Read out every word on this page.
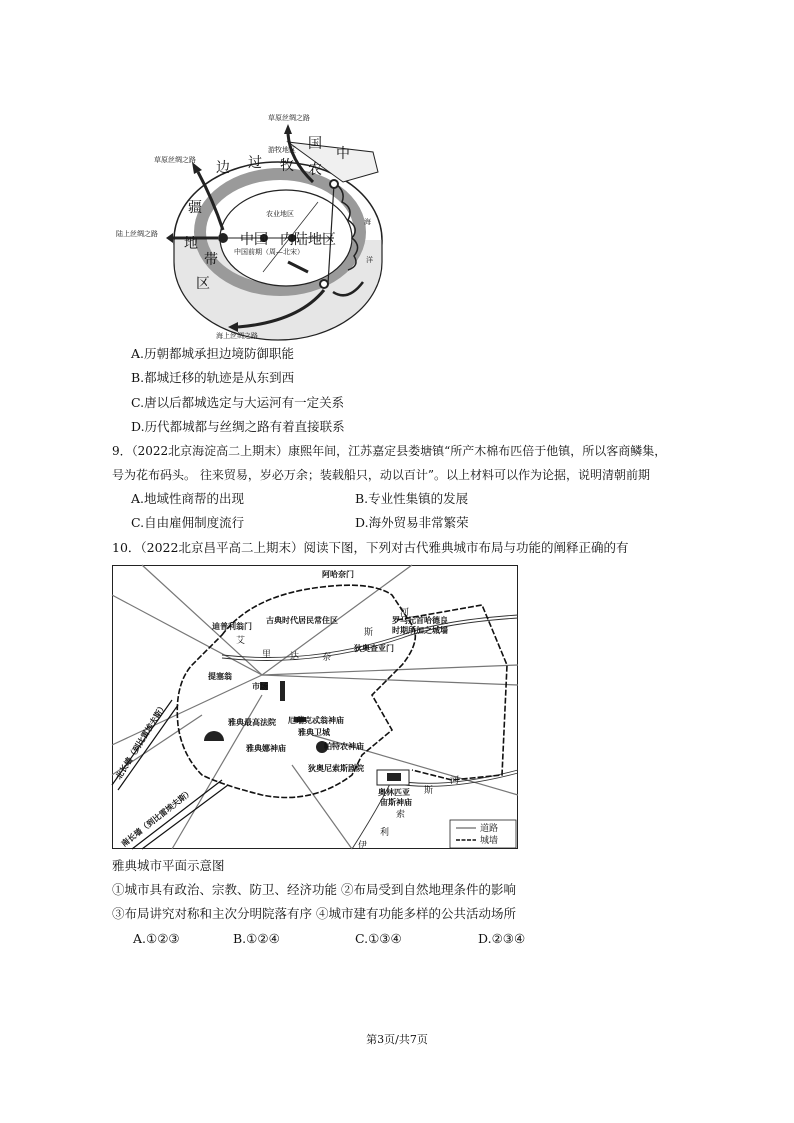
草原丝绸之路
草原丝绸之路
陆上丝绸之路
海上丝绸之路
游牧地区
农业地区
中国前期（周—北宋）
边 过 牧 农
中
国
疆
地
带
区
中 国 内 陆 地 区
海
洋
A.历朝都城承担边境防御职能
B.都城迁移的轨迹是从东到西
C.唐以后都城选定与大运河有一定关系
D.历代都城都与丝绸之路有着直接联系
9．（2022北京海淀高二上期末）康熙年间，江苏嘉定县娄塘镇“所产木棉布匹倍于他镇，所以客商鳞集，
号为花布码头。 往来贸易，岁必万余；装载船只，动以百计”。以上材料可以作为论据，说明清朝前期
A.地域性商帮的出现	B.专业性集镇的发展
C.自由雇佣制度流行	D.海外贸易非常繁荣
10．（2022北京昌平高二上期末）阅读下图，下列对古代雅典城市布局与功能的阐释正确的有
道路
城墙
阿哈奈门
古典时代居民常住区
迪普利翁门
罗马元首哈德良
时期所加之城墙
狄奥查亚门
河
斯
奈
达
里
艾
提塞翁
市场
雅典最高法院 厄瑞克忒翁神庙
雅典卫城
雅典娜神庙	帕特农神庙
狄奥尼索斯剧院
奥林匹亚
宙斯神庙
北长墙（到比雷埃夫斯）
南长墙（到比雷埃夫斯）
河
斯
索
利
伊
雅典城市平面示意图
①城市具有政治、宗教、防卫、经济功能 ②布局受到自然地理条件的影响
③布局讲究对称和主次分明院落有序 ④城市建有功能多样的公共活动场所
A.①②③	B.①②④	C.①③④	D.②③④
第3页/共7页
